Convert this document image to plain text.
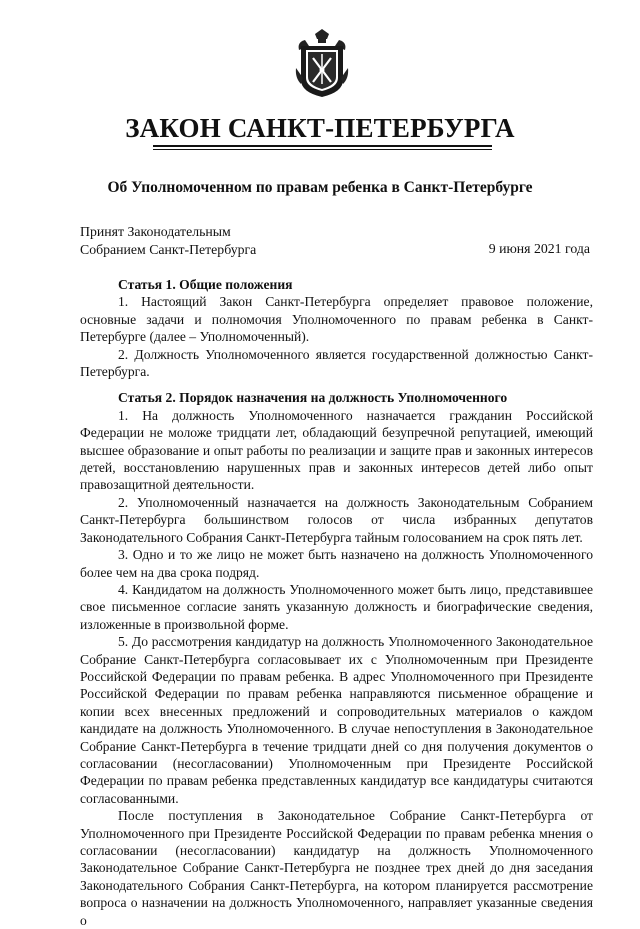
ЗАКОН САНКТ-ПЕТЕРБУРГА
Об Уполномоченном по правам ребенка в Санкт-Петербурге
Принят Законодательным
Собранием Санкт-Петербурга	9 июня 2021 года

Статья 1. Общие положения

1. Настоящий Закон Санкт-Петербурга определяет правовое положение, основные задачи и полномочия Уполномоченного по правам ребенка в Санкт-Петербурге (далее – Уполномоченный).

2. Должность Уполномоченного является государственной должностью Санкт-Петербурга.

Статья 2. Порядок назначения на должность Уполномоченного

1. На должность Уполномоченного назначается гражданин Российской Федерации не моложе тридцати лет, обладающий безупречной репутацией, имеющий высшее образование и опыт работы по реализации и защите прав и законных интересов детей, восстановлению нарушенных прав и законных интересов детей либо опыт правозащитной деятельности.

2. Уполномоченный назначается на должность Законодательным Собранием Санкт-Петербурга большинством голосов от числа избранных депутатов Законодательного Собрания Санкт-Петербурга тайным голосованием на срок пять лет.

3. Одно и то же лицо не может быть назначено на должность Уполномоченного более чем на два срока подряд.

4. Кандидатом на должность Уполномоченного может быть лицо, представившее свое письменное согласие занять указанную должность и биографические сведения, изложенные в произвольной форме.

5. До рассмотрения кандидатур на должность Уполномоченного Законодательное Собрание Санкт-Петербурга согласовывает их с Уполномоченным при Президенте Российской Федерации по правам ребенка. В адрес Уполномоченного при Президенте Российской Федерации по правам ребенка направляются письменное обращение и копии всех внесенных предложений и сопроводительных материалов о каждом кандидате на должность Уполномоченного. В случае непоступления в Законодательное Собрание Санкт-Петербурга в течение тридцати дней со дня получения документов о согласовании (несогласовании) Уполномоченным при Президенте Российской Федерации по правам ребенка представленных кандидатур все кандидатуры считаются согласованными.

После поступления в Законодательное Собрание Санкт-Петербурга от Уполномоченного при Президенте Российской Федерации по правам ребенка мнения о согласовании (несогласовании) кандидатур на должность Уполномоченного Законодательное Собрание Санкт-Петербурга не позднее трех дней до дня заседания Законодательного Собрания Санкт-Петербурга, на котором планируется рассмотрение вопроса о назначении на должность Уполномоченного, направляет указанные сведения о
